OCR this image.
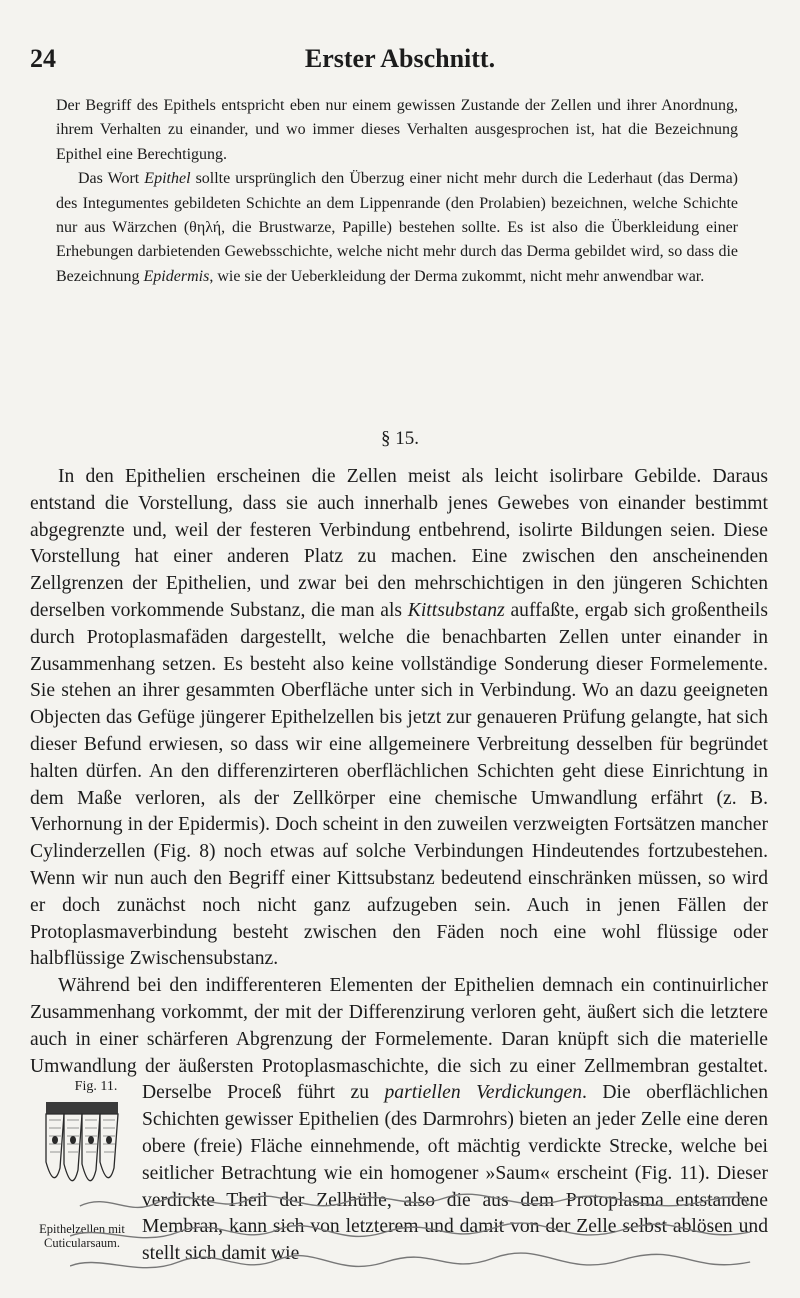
24	Erster Abschnitt.

Der Begriff des Epithels entspricht eben nur einem gewissen Zustande der Zellen und ihrer Anordnung, ihrem Verhalten zu einander, und wo immer dieses Verhalten ausgesprochen ist, hat die Bezeichnung Epithel eine Berechtigung.

Das Wort Epithel sollte ursprünglich den Überzug einer nicht mehr durch die Lederhaut (das Derma) des Integumentes gebildeten Schichte an dem Lippenrande (den Prolabien) bezeichnen, welche Schichte nur aus Wärzchen (θηλή, die Brustwarze, Papille) bestehen sollte. Es ist also die Überkleidung einer Erhebungen darbietenden Gewebsschichte, welche nicht mehr durch das Derma gebildet wird, so dass die Bezeichnung Epidermis, wie sie der Ueberkleidung der Derma zukommt, nicht mehr anwendbar war.

§ 15.

In den Epithelien erscheinen die Zellen meist als leicht isolirbare Gebilde. Daraus entstand die Vorstellung, dass sie auch innerhalb jenes Gewebes von einander bestimmt abgegrenzte und, weil der festeren Verbindung entbehrend, isolirte Bildungen seien. Diese Vorstellung hat einer anderen Platz zu machen. Eine zwischen den anscheinenden Zellgrenzen der Epithelien, und zwar bei den mehrschichtigen in den jüngeren Schichten derselben vorkommende Substanz, die man als Kittsubstanz auffaßte, ergab sich großentheils durch Protoplasmafäden dargestellt, welche die benachbarten Zellen unter einander in Zusammenhang setzen. Es besteht also keine vollständige Sonderung dieser Formelemente. Sie stehen an ihrer gesammten Oberfläche unter sich in Verbindung. Wo an dazu geeigneten Objecten das Gefüge jüngerer Epithelzellen bis jetzt zur genaueren Prüfung gelangte, hat sich dieser Befund erwiesen, so dass wir eine allgemeinere Verbreitung desselben für begründet halten dürfen. An den differenzirteren oberflächlichen Schichten geht diese Einrichtung in dem Maße verloren, als der Zellkörper eine chemische Umwandlung erfährt (z. B. Verhornung in der Epidermis). Doch scheint in den zuweilen verzweigten Fortsätzen mancher Cylinderzellen (Fig. 8) noch etwas auf solche Verbindungen Hindeutendes fortzubestehen. Wenn wir nun auch den Begriff einer Kittsubstanz bedeutend einschränken müssen, so wird er doch zunächst noch nicht ganz aufzugeben sein. Auch in jenen Fällen der Protoplasmaverbindung besteht zwischen den Fäden noch eine wohl flüssige oder halbflüssige Zwischensubstanz.

Während bei den indifferenteren Elementen der Epithelien demnach ein continuirlicher Zusammenhang vorkommt, der mit der Differenzirung verloren geht, äußert sich die letztere auch in einer schärferen Abgrenzung der Formelemente. Daran knüpft sich die materielle Umwandlung der äußersten Protoplasmaschichte, die sich zu einer Zellmembran gestaltet. Derselbe Proceß führt zu
Fig. 11.
Epithelzellen mit Cuticularsaum.
partiellen Verdickungen. Die oberflächlichen Schichten gewisser Epithelien (des Darmrohrs) bieten an jeder Zelle eine deren obere (freie) Fläche einnehmende, oft mächtig verdickte Strecke, welche bei seitlicher Betrachtung wie ein homogener »Saum« erscheint (Fig. 11). Dieser verdickte Theil der Zellhülle, also die aus dem Protoplasma entstandene Membran, kann sich von letzterem und damit von der Zelle selbst ablösen und stellt sich damit wie
